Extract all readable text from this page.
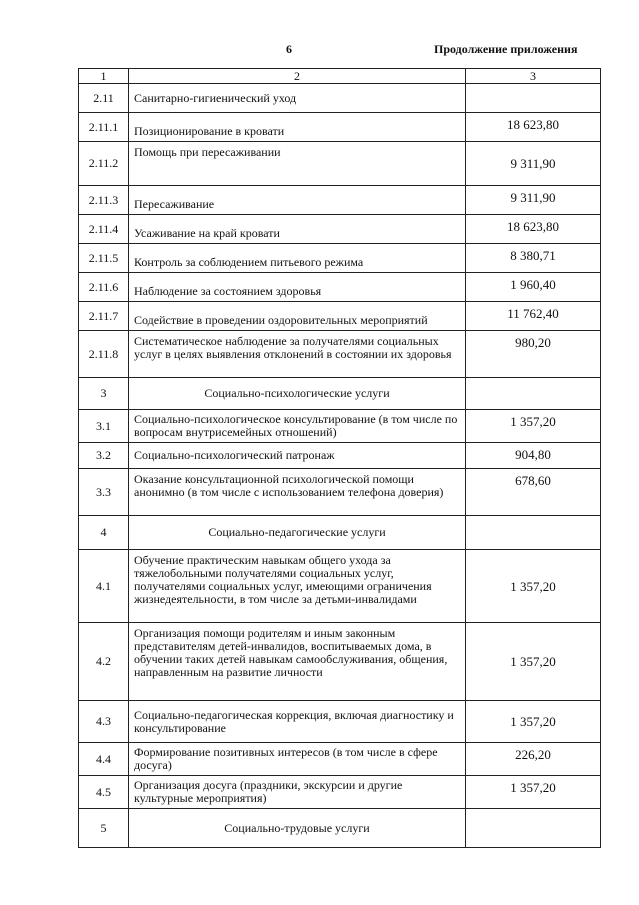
6	Продолжение приложения
1	2	3
2.11	Санитарно-гигиенический уход	
2.11.1	Позиционирование в кровати	18 623,80
2.11.2	Помощь при пересаживании	9 311,90
2.11.3	Пересаживание	9 311,90
2.11.4	Усаживание на край кровати	18 623,80
2.11.5	Контроль за соблюдением питьевого режима	8 380,71
2.11.6	Наблюдение за состоянием здоровья	1 960,40
2.11.7	Содействие в проведении оздоровительных мероприятий	11 762,40
2.11.8	Систематическое наблюдение за получателями социальных услуг в целях выявления отклонений в состоянии их здоровья	980,20
3	Социально-психологические услуги	
3.1	Социально-психологическое консультирование (в том числе по вопросам внутрисемейных отношений)	1 357,20
3.2	Социально-психологический патронаж	904,80
3.3	Оказание консультационной психологической помощи анонимно (в том числе с использованием телефона доверия)	678,60
4	Социально-педагогические услуги	
4.1	Обучение практическим навыкам общего ухода за тяжелобольными получателями социальных услуг, получателями социальных услуг, имеющими ограничения жизнедеятельности, в том числе за детьми-инвалидами	1 357,20
4.2	Организация помощи родителям и иным законным представителям детей-инвалидов, воспитываемых дома, в обучении таких детей навыкам самообслуживания, общения, направленным на развитие личности	1 357,20
4.3	Социально-педагогическая коррекция, включая диагностику и консультирование	1 357,20
4.4	Формирование позитивных интересов (в том числе в сфере досуга)	226,20
4.5	Организация досуга (праздники, экскурсии и другие культурные мероприятия)	1 357,20
5	Социально-трудовые услуги	
